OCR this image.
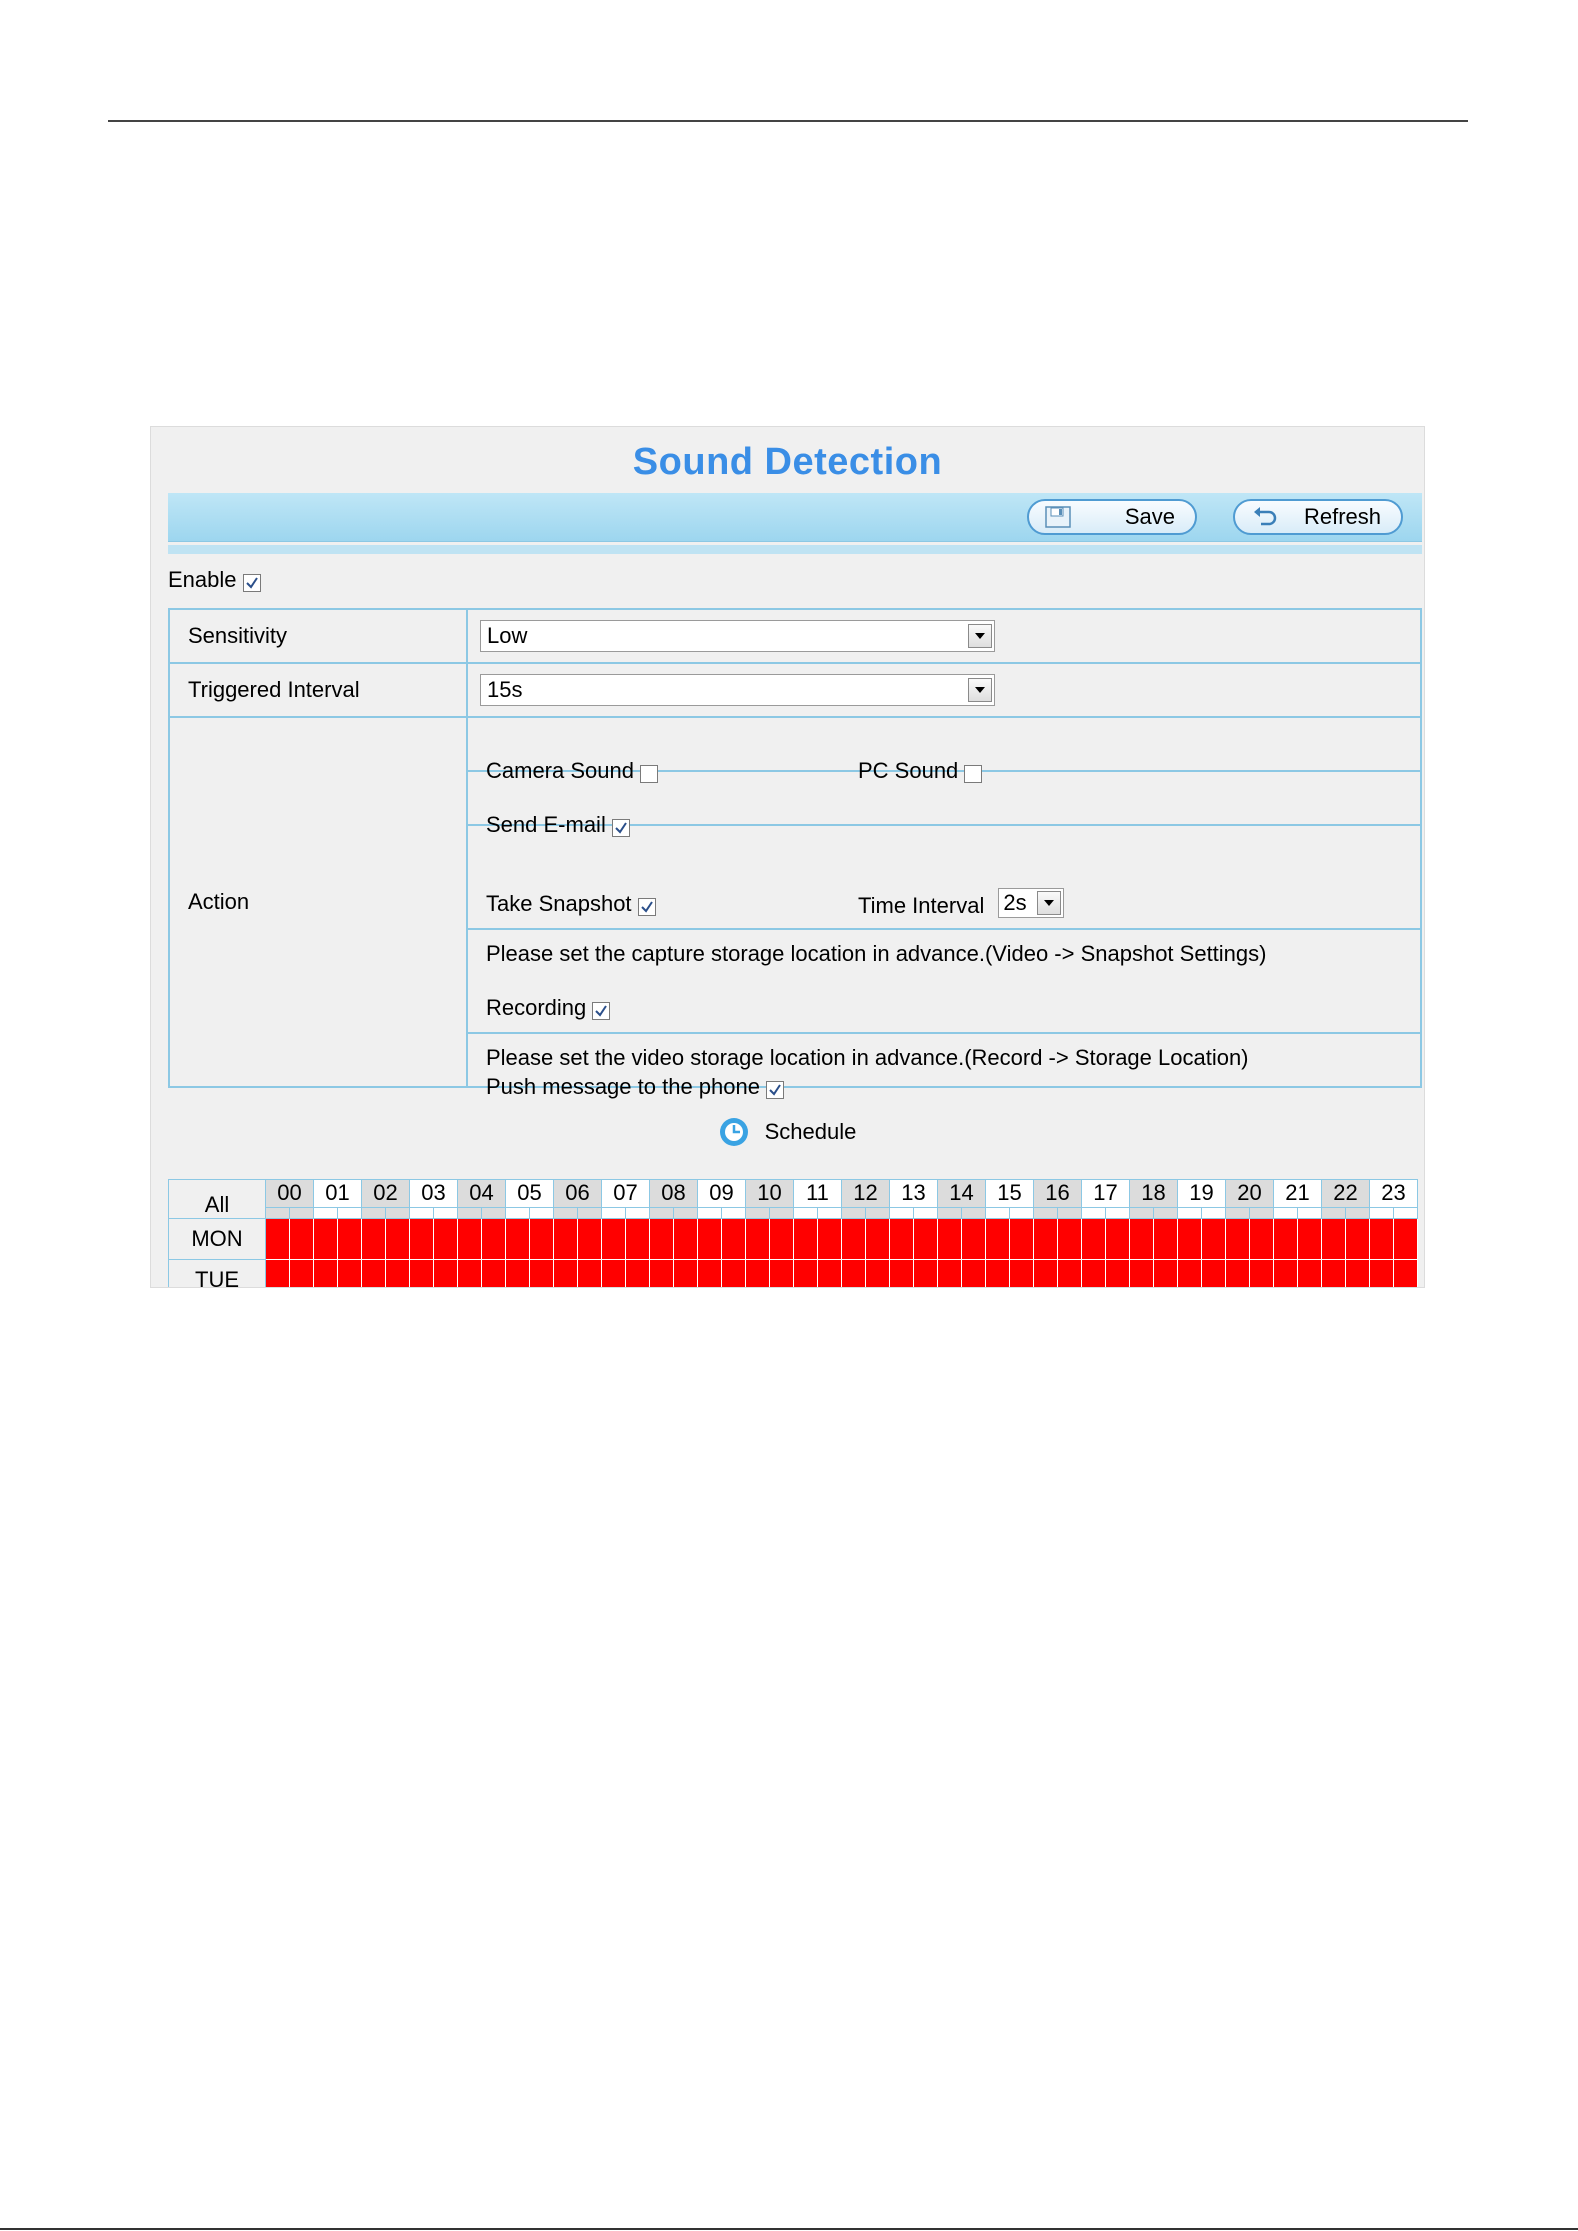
Sound Detection
Save	Refresh
Enable
Sensitivity	Low

Triggered Interval	15s

Action	Camera Sound PC Sound

	Send E-mail

	Take Snapshot Time Interval 2s
Please set the capture storage location in advance.(Video -> Snapshot Settings)

	Recording
Please set the video storage location in advance.(Record -> Storage Location)

	Push message to the phone
Schedule
All	00		01		02		03		04		05		06		07		08		09		10		11		12		13		14		15		16		17		18		19		20		21		22		23	

MON																																																
TUE																																																
